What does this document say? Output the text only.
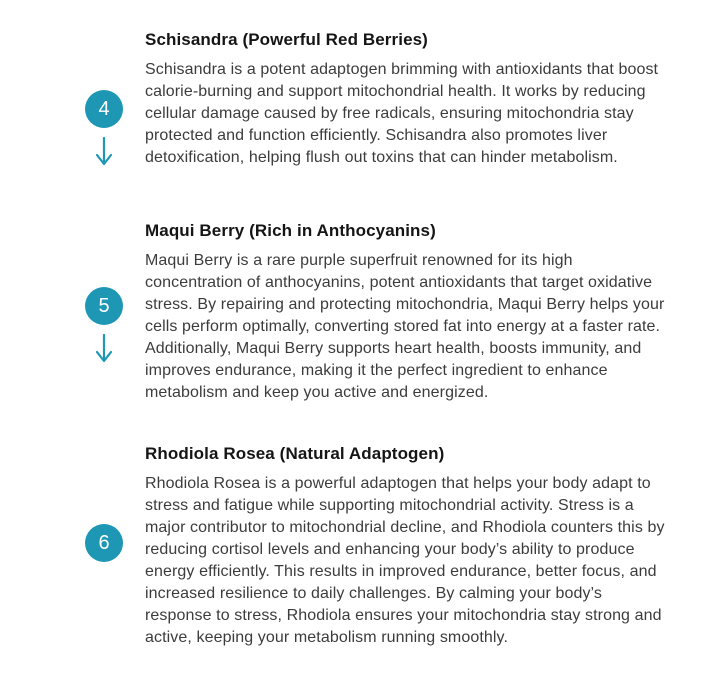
4
Schisandra (Powerful Red Berries)

Schisandra is a potent adaptogen brimming with antioxidants that boost calorie-burning and support mitochondrial health. It works by reducing cellular damage caused by free radicals, ensuring mitochondria stay protected and function efficiently. Schisandra also promotes liver detoxification, helping flush out toxins that can hinder metabolism.

5
Maqui Berry (Rich in Anthocyanins)

Maqui Berry is a rare purple superfruit renowned for its high concentration of anthocyanins, potent antioxidants that target oxidative stress. By repairing and protecting mitochondria, Maqui Berry helps your cells perform optimally, converting stored fat into energy at a faster rate. Additionally, Maqui Berry supports heart health, boosts immunity, and improves endurance, making it the perfect ingredient to enhance metabolism and keep you active and energized.

6
Rhodiola Rosea (Natural Adaptogen)

Rhodiola Rosea is a powerful adaptogen that helps your body adapt to stress and fatigue while supporting mitochondrial activity. Stress is a major contributor to mitochondrial decline, and Rhodiola counters this by reducing cortisol levels and enhancing your body’s ability to produce energy efficiently. This results in improved endurance, better focus, and increased resilience to daily challenges. By calming your body’s response to stress, Rhodiola ensures your mitochondria stay strong and active, keeping your metabolism running smoothly.
